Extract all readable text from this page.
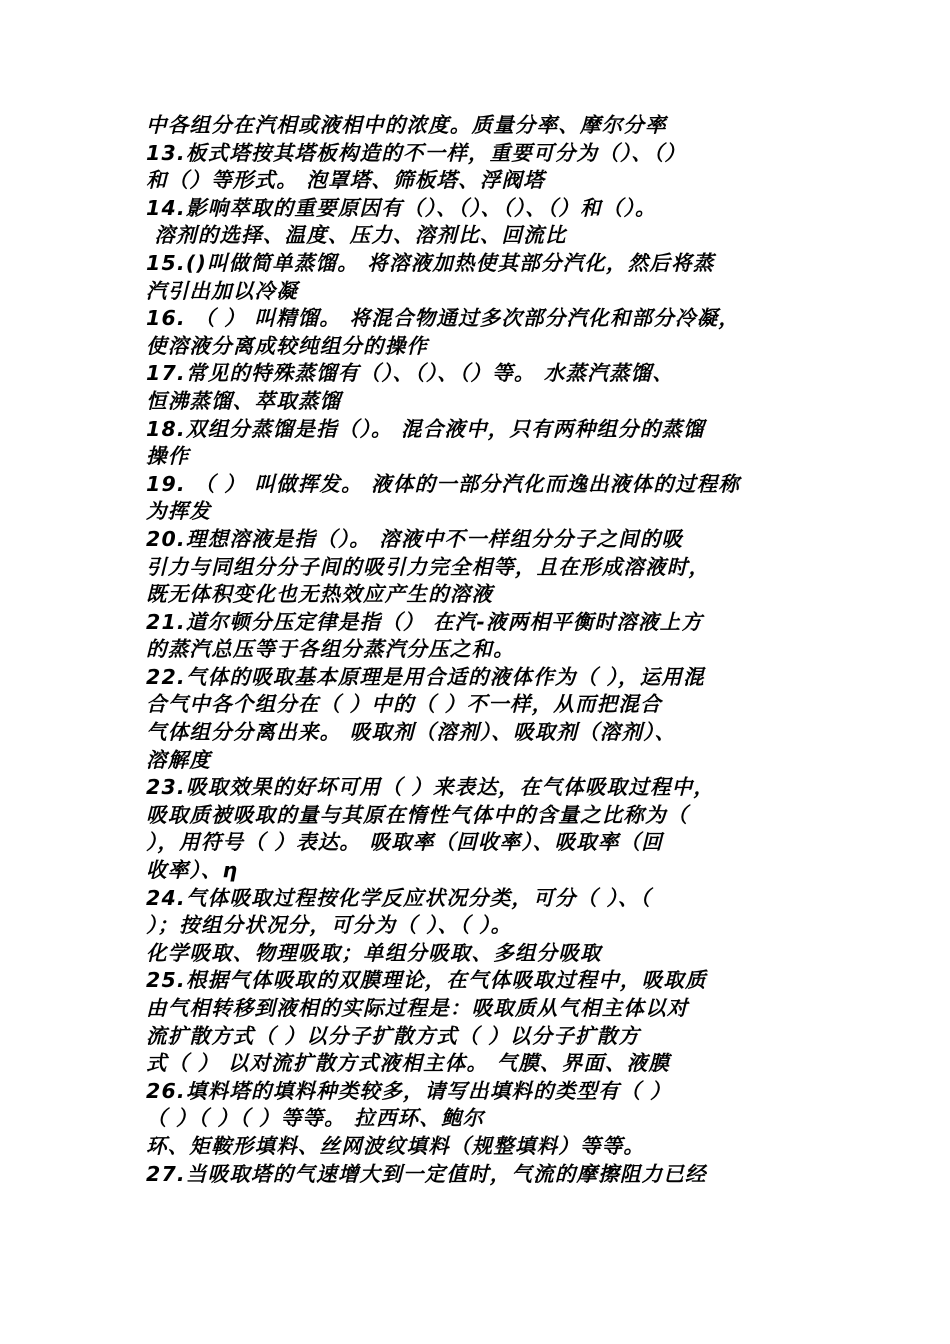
中各组分在汽相或液相中的浓度。质量分率、摩尔分率
13.板式塔按其塔板构造的不一样，重要可分为（）、（）
和（）等形式。 泡罩塔、筛板塔、浮阀塔
14.影响萃取的重要原因有（）、（）、（）、（）和（）。
溶剂的选择、温度、压力、溶剂比、回流比
15.()叫做简单蒸馏。 将溶液加热使其部分汽化，然后将蒸
汽引出加以冷凝
16. （ ） 叫精馏。 将混合物通过多次部分汽化和部分冷凝，
使溶液分离成较纯组分的操作
17.常见的特殊蒸馏有（）、（）、（）等。 水蒸汽蒸馏、
恒沸蒸馏、萃取蒸馏
18.双组分蒸馏是指（）。 混合液中，只有两种组分的蒸馏
操作
19. （ ） 叫做挥发。 液体的一部分汽化而逸出液体的过程称
为挥发
20.理想溶液是指（）。 溶液中不一样组分分子之间的吸
引力与同组分分子间的吸引力完全相等，且在形成溶液时，
既无体积变化也无热效应产生的溶液
21.道尔顿分压定律是指（） 在汽-液两相平衡时溶液上方
的蒸汽总压等于各组分蒸汽分压之和。
22.气体的吸取基本原理是用合适的液体作为（ ），运用混
合气中各个组分在（ ）中的（ ）不一样，从而把混合
气体组分分离出来。 吸取剂（溶剂）、吸取剂（溶剂）、
溶解度
23.吸取效果的好坏可用（ ）来表达，在气体吸取过程中，
吸取质被吸取的量与其原在惰性气体中的含量之比称为（
），用符号（ ）表达。 吸取率（回收率）、吸取率（回
收率）、η
24.气体吸取过程按化学反应状况分类，可分（ ）、（
）；按组分状况分，可分为（ ）、（ ）。
化学吸取、物理吸取；单组分吸取、多组分吸取
25.根据气体吸取的双膜理论，在气体吸取过程中，吸取质
由气相转移到液相的实际过程是：吸取质从气相主体以对
流扩散方式（ ）以分子扩散方式（ ）以分子扩散方
式（ ） 以对流扩散方式液相主体。 气膜、界面、液膜
26.填料塔的填料种类较多，请写出填料的类型有（ ）
（ ）（ ）（ ）等等。 拉西环、鲍尔
环、矩鞍形填料、丝网波纹填料（规整填料）等等。
27.当吸取塔的气速增大到一定值时，气流的摩擦阻力已经
